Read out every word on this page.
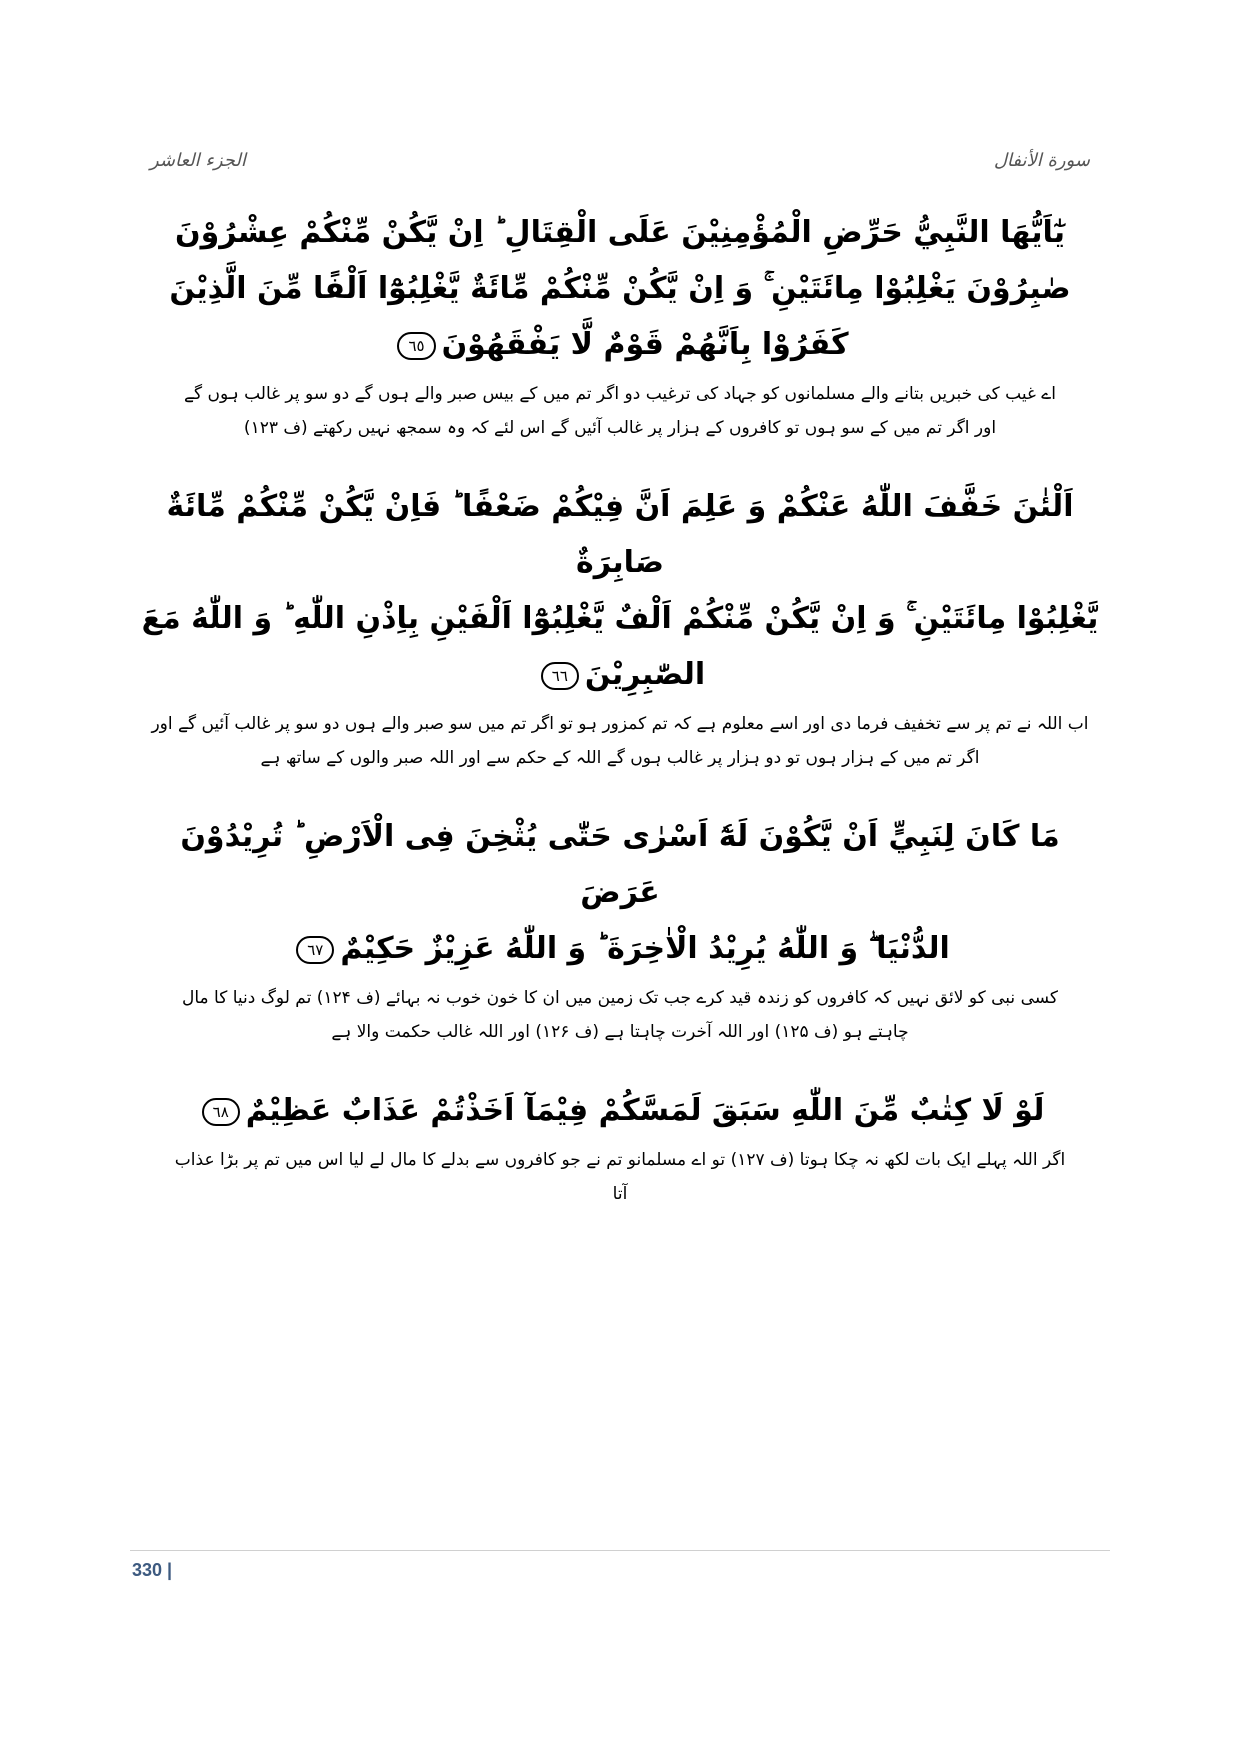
الجزء العاشر	سورة الأنفال
يٰٓاَيُّهَا النَّبِيُّ حَرِّضِ الْمُؤْمِنِيْنَ عَلَى الْقِتَالِ ؕ اِنْ يَّكُنْ مِّنْكُمْ عِشْرُوْنَ
صٰبِرُوْنَ يَغْلِبُوْا مِائَتَيْنِ ۚ وَ اِنْ يَّكُنْ مِّنْكُمْ مِّائَةٌ يَّغْلِبُوْٓا اَلْفًا مِّنَ الَّذِيْنَ
كَفَرُوْا بِاَنَّهُمْ قَوْمٌ لَّا يَفْقَهُوْنَ٦٥
اے غیب کی خبریں بتانے والے مسلمانوں کو جہاد کی ترغیب دو اگر تم میں کے بیس صبر والے ہوں گے دو سو پر غالب ہوں گے
اور اگر تم میں کے سو ہوں تو کافروں کے ہزار پر غالب آئیں گے اس لئے کہ وہ سمجھ نہیں رکھتے (ف ۱۲۳)
اَلْئٰنَ خَفَّفَ اللّٰهُ عَنْكُمْ وَ عَلِمَ اَنَّ فِيْكُمْ ضَعْفًا ؕ فَاِنْ يَّكُنْ مِّنْكُمْ مِّائَةٌ صَابِرَةٌ
يَّغْلِبُوْا مِائَتَيْنِ ۚ وَ اِنْ يَّكُنْ مِّنْكُمْ اَلْفٌ يَّغْلِبُوْٓا اَلْفَيْنِ بِاِذْنِ اللّٰهِ ؕ وَ اللّٰهُ مَعَ
الصّٰبِرِيْنَ٦٦
اب اللہ نے تم پر سے تخفیف فرما دی اور اسے معلوم ہے کہ تم کمزور ہو تو اگر تم میں سو صبر والے ہوں دو سو پر غالب آئیں گے اور
اگر تم میں کے ہزار ہوں تو دو ہزار پر غالب ہوں گے اللہ کے حکم سے اور اللہ صبر والوں کے ساتھ ہے
مَا كَانَ لِنَبِيٍّ اَنْ يَّكُوْنَ لَهٗٓ اَسْرٰى حَتّٰى يُثْخِنَ فِى الْاَرْضِ ؕ تُرِيْدُوْنَ عَرَضَ
الدُّنْيَا ۖ وَ اللّٰهُ يُرِيْدُ الْاٰخِرَةَ ؕ وَ اللّٰهُ عَزِيْزٌ حَكِيْمٌ٦٧
کسی نبی کو لائق نہیں کہ کافروں کو زندہ قید کرے جب تک زمین میں ان کا خون خوب نہ بہائے (ف ۱۲۴) تم لوگ دنیا کا مال
چاہتے ہو (ف ۱۲۵) اور اللہ آخرت چاہتا ہے (ف ۱۲۶) اور اللہ غالب حکمت والا ہے
لَوْ لَا كِتٰبٌ مِّنَ اللّٰهِ سَبَقَ لَمَسَّكُمْ فِيْمَآ اَخَذْتُمْ عَذَابٌ عَظِيْمٌ٦٨
اگر اللہ پہلے ایک بات لکھ نہ چکا ہوتا (ف ۱۲۷) تو اے مسلمانو تم نے جو کافروں سے بدلے کا مال لے لیا اس میں تم پر بڑا عذاب
آتا
330 |
